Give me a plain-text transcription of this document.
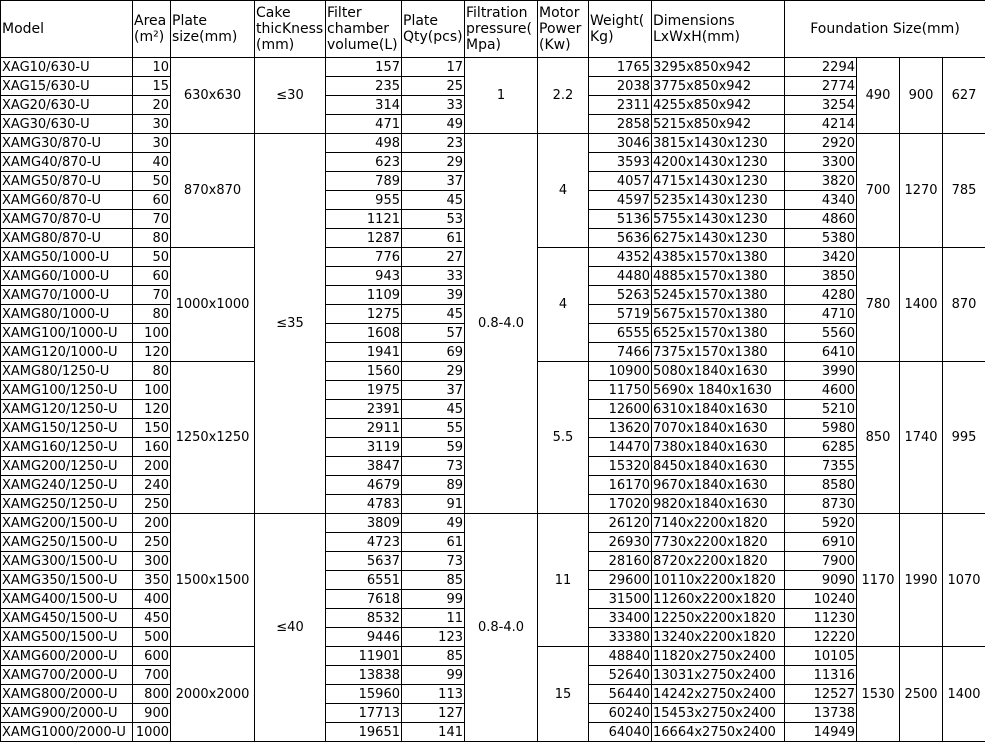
Model	Area (m²)	Plate size(mm)	Cake thicKness (mm)	Filter chamber volume(L)	Plate Qty(pcs)	Filtration pressure( Mpa)	Motor Power (Kw)	Weight( Kg)	Dimensions LxWxH(mm)	Foundation Size(mm)			
XAG10/630-U	10	630x630	≤30	157	17	1	2.2	1765	3295x850x942	2294	490	900	627
XAG15/630-U	15			235	25			2038	3775x850x942	2774			
XAG20/630-U	20			314	33			2311	4255x850x942	3254			
XAG30/630-U	30			471	49			2858	5215x850x942	4214			
XAMG30/870-U	30	870x870	≤35	498	23	0.8-4.0	4	3046	3815x1430x1230	2920	700	1270	785
XAMG40/870-U	40			623	29			3593	4200x1430x1230	3300			
XAMG50/870-U	50			789	37			4057	4715x1430x1230	3820			
XAMG60/870-U	60			955	45			4597	5235x1430x1230	4340			
XAMG70/870-U	70			1121	53			5136	5755x1430x1230	4860			
XAMG80/870-U	80			1287	61			5636	6275x1430x1230	5380			
XAMG50/1000-U	50	1000x1000		776	27		4	4352	4385x1570x1380	3420	780	1400	870
XAMG60/1000-U	60			943	33			4480	4885x1570x1380	3850			
XAMG70/1000-U	70			1109	39			5263	5245x1570x1380	4280			
XAMG80/1000-U	80			1275	45			5719	5675x1570x1380	4710			
XAMG100/1000-U	100			1608	57			6555	6525x1570x1380	5560			
XAMG120/1000-U	120			1941	69			7466	7375x1570x1380	6410			
XAMG80/1250-U	80	1250x1250		1560	29		5.5	10900	5080x1840x1630	3990	850	1740	995
XAMG100/1250-U	100			1975	37			11750	5690x 1840x1630	4600			
XAMG120/1250-U	120			2391	45			12600	6310x1840x1630	5210			
XAMG150/1250-U	150			2911	55			13620	7070x1840x1630	5980			
XAMG160/1250-U	160			3119	59			14470	7380x1840x1630	6285			
XAMG200/1250-U	200			3847	73			15320	8450x1840x1630	7355			
XAMG240/1250-U	240			4679	89			16170	9670x1840x1630	8580			
XAMG250/1250-U	250			4783	91			17020	9820x1840x1630	8730			
XAMG200/1500-U	200	1500x1500	≤40	3809	49	0.8-4.0	11	26120	7140x2200x1820	5920	1170	1990	1070
XAMG250/1500-U	250			4723	61			26930	7730x2200x1820	6910			
XAMG300/1500-U	300			5637	73			28160	8720x2200x1820	7900			
XAMG350/1500-U	350			6551	85			29600	10110x2200x1820	9090			
XAMG400/1500-U	400			7618	99			31500	11260x2200x1820	10240			
XAMG450/1500-U	450			8532	11			33400	12250x2200x1820	11230			
XAMG500/1500-U	500			9446	123			33380	13240x2200x1820	12220			
XAMG600/2000-U	600	2000x2000		11901	85		15	48840	11820x2750x2400	10105	1530	2500	1400
XAMG700/2000-U	700			13838	99			52640	13031x2750x2400	11316			
XAMG800/2000-U	800			15960	113			56440	14242x2750x2400	12527			
XAMG900/2000-U	900			17713	127			60240	15453x2750x2400	13738			
XAMG1000/2000-U	1000			19651	141			64040	16664x2750x2400	14949			
